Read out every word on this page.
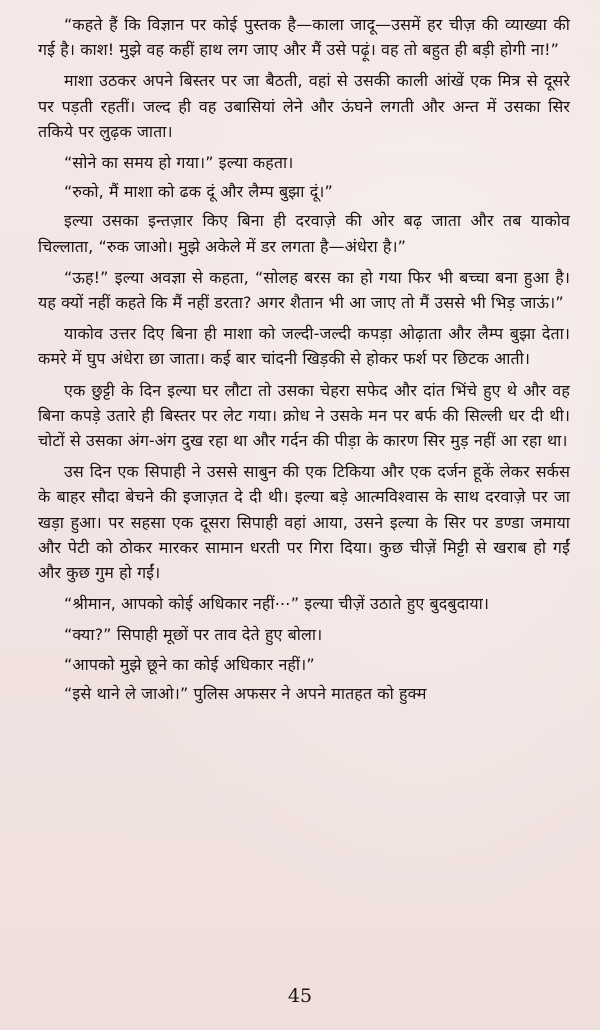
“कहते हैं कि विज्ञान पर कोई पुस्तक है—काला जादू—उसमें हर चीज़ की व्याख्या की गई है। काश! मुझे वह कहीं हाथ लग जाए और मैं उसे पढ़ूं। वह तो बहुत ही बड़ी होगी ना!”

माशा उठकर अपने बिस्तर पर जा बैठती, वहां से उसकी काली आंखें एक मित्र से दूसरे पर पड़ती रहतीं। जल्द ही वह उबासियां लेने और ऊंघने लगती और अन्त में उसका सिर तकिये पर लुढ़क जाता।

“सोने का समय हो गया।” इल्या कहता।

“रुको, मैं माशा को ढक दूं और लैम्प बुझा दूं।”

इल्या उसका इन्तज़ार किए बिना ही दरवाज़े की ओर बढ़ जाता और तब याकोव चिल्लाता, “रुक जाओ। मुझे अकेले में डर लगता है—अंधेरा है।”

“ऊह!” इल्या अवज्ञा से कहता, “सोलह बरस का हो गया फिर भी बच्चा बना हुआ है। यह क्यों नहीं कहते कि मैं नहीं डरता? अगर शैतान भी आ जाए तो मैं उससे भी भिड़ जाऊं।”

याकोव उत्तर दिए बिना ही माशा को जल्दी-जल्दी कपड़ा ओढ़ाता और लैम्प बुझा देता। कमरे में घुप अंधेरा छा जाता। कई बार चांदनी खिड़की से होकर फर्श पर छिटक आती।

एक छुट्टी के दिन इल्या घर लौटा तो उसका चेहरा सफेद और दांत भिंचे हुए थे और वह बिना कपड़े उतारे ही बिस्तर पर लेट गया। क्रोध ने उसके मन पर बर्फ की सिल्ली धर दी थी। चोटों से उसका अंग-अंग दुख रहा था और गर्दन की पीड़ा के कारण सिर मुड़ नहीं आ रहा था।

उस दिन एक सिपाही ने उससे साबुन की एक टिकिया और एक दर्जन हूकें लेकर सर्कस के बाहर सौदा बेचने की इजाज़त दे दी थी। इल्या बड़े आत्मविश्वास के साथ दरवाज़े पर जा खड़ा हुआ। पर सहसा एक दूसरा सिपाही वहां आया, उसने इल्या के सिर पर डण्डा जमाया और पेटी को ठोकर मारकर सामान धरती पर गिरा दिया। कुछ चीज़ें मिट्टी से खराब हो गईं और कुछ गुम हो गईं।

“श्रीमान, आपको कोई अधिकार नहीं⋯” इल्या चीज़ें उठाते हुए बुदबुदाया।

“क्या?” सिपाही मूछों पर ताव देते हुए बोला।

“आपको मुझे छूने का कोई अधिकार नहीं।”

“इसे थाने ले जाओ।” पुलिस अफसर ने अपने मातहत को हुक्म

45
